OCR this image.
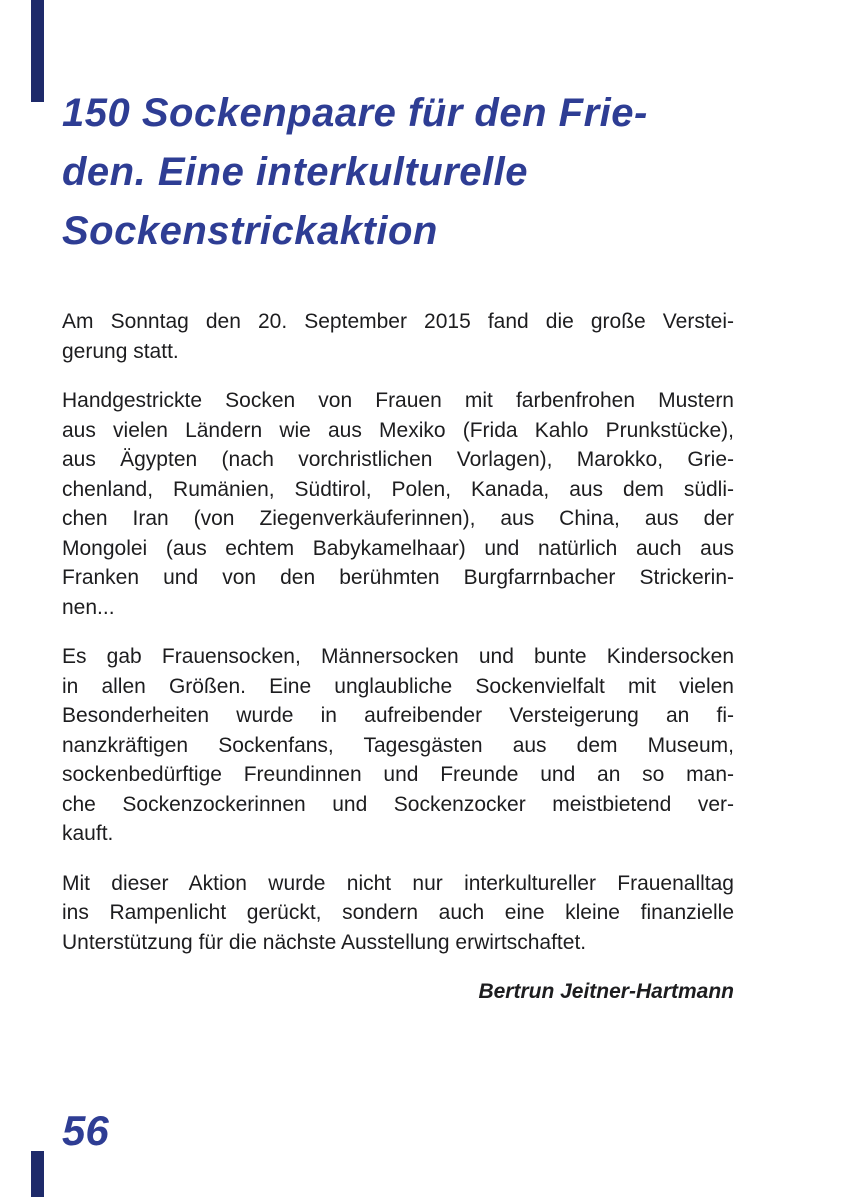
150 Sockenpaare für den Frie-
den. Eine interkulturelle
Sockenstrickaktion
Am Sonntag den 20. September 2015 fand die große Verstei-
gerung statt.
Handgestrickte Socken von Frauen mit farbenfrohen Mustern
aus vielen Ländern wie aus Mexiko (Frida Kahlo Prunkstücke),
aus Ägypten (nach vorchristlichen Vorlagen), Marokko, Grie-
chenland, Rumänien, Südtirol, Polen, Kanada, aus dem südli-
chen Iran (von Ziegenverkäuferinnen), aus China, aus der
Mongolei (aus echtem Babykamelhaar) und natürlich auch aus
Franken und von den berühmten Burgfarrnbacher Strickerin-
nen...
Es gab Frauensocken, Männersocken und bunte Kindersocken
in allen Größen. Eine unglaubliche Sockenvielfalt mit vielen
Besonderheiten wurde in aufreibender Versteigerung an fi-
nanzkräftigen Sockenfans, Tagesgästen aus dem Museum,
sockenbedürftige Freundinnen und Freunde und an so man-
che Sockenzockerinnen und Sockenzocker meistbietend ver-
kauft.
Mit dieser Aktion wurde nicht nur interkultureller Frauenalltag
ins Rampenlicht gerückt, sondern auch eine kleine finanzielle
Unterstützung für die nächste Ausstellung erwirtschaftet.
Bertrun Jeitner-Hartmann
56
